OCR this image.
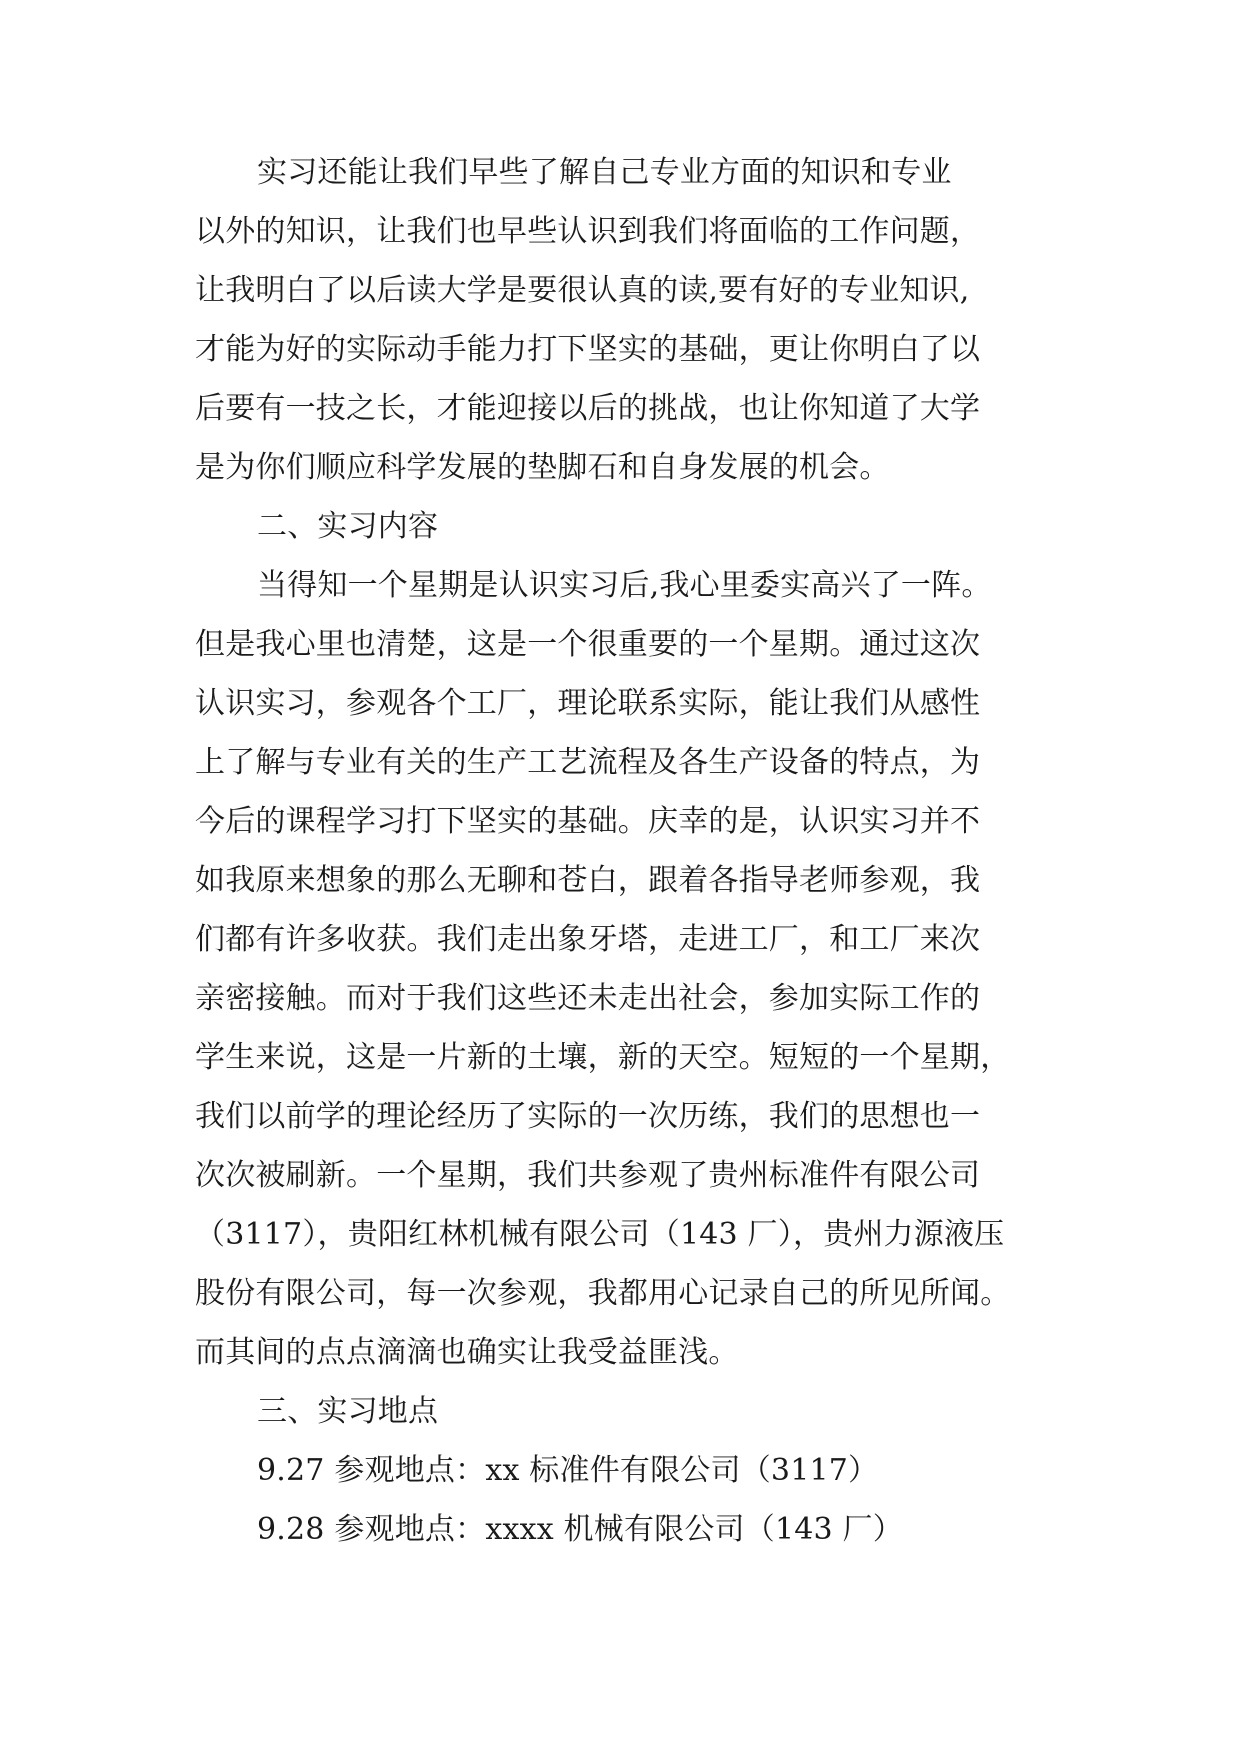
实习还能让我们早些了解自己专业方面的知识和专业
以外的知识，让我们也早些认识到我们将面临的工作问题，
让我明白了以后读大学是要很认真的读,要有好的专业知识,
才能为好的实际动手能力打下坚实的基础，更让你明白了以
后要有一技之长，才能迎接以后的挑战，也让你知道了大学
是为你们顺应科学发展的垫脚石和自身发展的机会。
二、实习内容
当得知一个星期是认识实习后,我心里委实高兴了一阵。
但是我心里也清楚，这是一个很重要的一个星期。通过这次
认识实习，参观各个工厂，理论联系实际，能让我们从感性
上了解与专业有关的生产工艺流程及各生产设备的特点，为
今后的课程学习打下坚实的基础。庆幸的是，认识实习并不
如我原来想象的那么无聊和苍白，跟着各指导老师参观，我
们都有许多收获。我们走出象牙塔，走进工厂，和工厂来次
亲密接触。而对于我们这些还未走出社会，参加实际工作的
学生来说，这是一片新的土壤，新的天空。短短的一个星期，
我们以前学的理论经历了实际的一次历练，我们的思想也一
次次被刷新。一个星期，我们共参观了贵州标准件有限公司
（3117），贵阳红林机械有限公司（143 厂），贵州力源液压
股份有限公司，每一次参观，我都用心记录自己的所见所闻。
而其间的点点滴滴也确实让我受益匪浅。
三、实习地点
9.27 参观地点：xx 标准件有限公司（3117）
9.28 参观地点：xxxx 机械有限公司（143 厂）
